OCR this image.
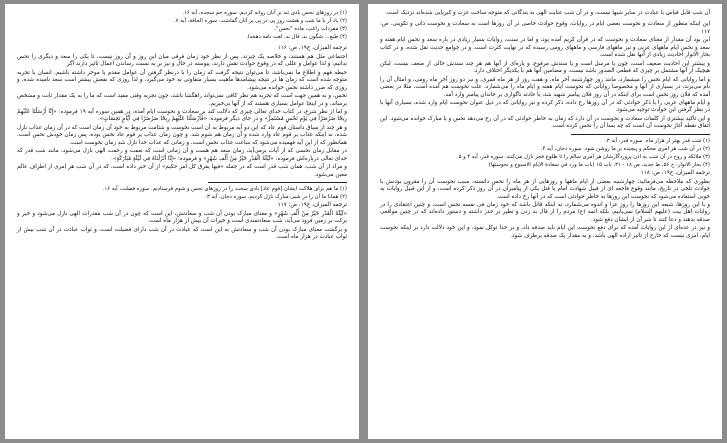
(۱) در روزهای نحس بادی تند بر آنان روانه کردیم. سوره حم سجده، آیه ۱۶.

(۲) یاد آر با ما شب و هشت روز پی در پی بر آنان گماشت. سوره الحاقة، آیه ۷.

(۳) مفردات راغب، ماده "نحس".

(۴) طبع... شگون بد، فال بد. لغت نامه دهخدا.

ترجمه المیزان، ج۱۹، ص: ۱۱۶

اجتماعی مثل هم هستند، و خلاصه یک چیزند، پس از نظر خود زمان فرقی میان این روز و آن روز نیست، تا یکی را سعد و دیگری را نحس بدانیم، و لذا عوامل و عللی که در وقوع حوادث نقش دارند، پیوسته در حال و نیز بر به نسبت رساندن اعمال تاثیر دارند اگر

حیطه فهم و اطلاع ما نمی‌باشد، تا می‌توان نتیجه گرفت که زمان را با درنظر گرفتن آن عوامل مقدم یا موخر داشته باشیم. انسان با تجربه متوجه شده است که زمان ها در نتیجه پیشامدها ماهیت بسیار متفاوتی به خود می‌گیرد، و لذا روزی که نفعش بیشتر است سعد نامیده شده، و روزی که ضرر داشته نحس خوانده می‌شود.

نحس، و به همین جهت است که تجربه هم نظر کافی نمی‌تواند راهگشا باشد، چون تجربه وقتی مفید است که ما را به یک مقدار ثابت و مشخص برساند، و در اینجا عوامل بسیاری هستند که از آنها بی‌خبریم.

و اما از نظر شرع، در کتاب خدای تعالی چیزی که دلالت کند بر سعادت و نحوست ایام آمده، در همین سوره آیه ۱۹ فرموده: «إِنَّا أَرْسَلْنَا عَلَيْهِمْ رِيحًا صَرْصَرًا فِي يَوْمِ نَحْسٍ مُسْتَمِرٍّ» و در جای دیگر فرموده: «فَأَرْسَلْنَا عَلَيْهِمْ رِيحًا صَرْصَرًا فِي أَيَّامٍ نَحِسَاتٍ».

و هر چند از سیاق داستان قوم عاد که این دو آیه مربوط به آن است نحوست و شئامت مربوط به خود آن زمان است که در آن زمان عذاب نازل شده، نه اینکه عذاب بر قوم عاد وارد شده و آن زمان هم شوم شد. و چون زمان عذاب بر قوم عاد نحس بوده، پس زمان خودش نحس است، همانطور که از این آیه فهمیده می‌شود که ساعت عذاب نحس است، و زمانی که عذاب خدا نازل شد زمان نحوست است.

در مقابل زمان نحسی که از آیات برمی‌آید، زمان سعد هم هست و آن زمانی است که نعمت و رحمت الهی نازل می‌شود، مانند شب قدر که خدای تعالی درباره‌اش فرموده: «لَيْلَةُ الْقَدْرِ خَيْرٌ مِنْ أَلْفِ شَهْرٍ» و فرموده: «إِنَّا أَنْزَلْنَاهُ فِي لَيْلَةٍ مُبَارَكَةٍ».

و مراد از آن شب، همان شب قدر است که در جمله «فيها يفرق كل امر حكيم» از آن خبر داده است، که در آن شب هر امری از اطراف عالم معین می‌شود.

(۱) ما هم برای هلاکت ایشان [قوم عاد] بادی سخت را در روزهای نحس و شوم فرستادیم. سوره فصلت، آیه ۱۶.

(۲) همانا ما آن را در شبی مبارک نازل کردیم. سوره دخان، آیه ۳.

ترجمه المیزان، ج۱۹، ص: ۱۱۷

«لَيْلَةُ الْقَدْرِ خَيْرٌ مِنْ أَلْفِ شَهْرٍ» و معنای مبارک بودن آن شب و سعادتش، این است که چون در آن شب مقدرات الهی نازل می‌شود و خیر و برکت بر زمین فرود می‌آید، شب سعادتمندی است و خیرات آن بیش از هزار ماه است.

و برگشت معنای مبارک بودن آن شب و سعادتش به این است که عبادت در آن شب دارای فضیلت است، و ثواب عبادت در آن شب بیش از ثواب عبادت در هزار ماه است.

آن شب قابل قیاس با عبادت در سایر شبها نیست، و در آن شب عنایت الهی به بندگانی که متوجه ساحت عزت و کبریایی شده‌اند نزدیک است.

این اینکه منظور از سعادت و نحوست بعضی ایام در روایات، وقوع حوادث خاصی در آن روزها است نه سعادت و نحوست ذاتی و تکوینی. ص: ۱۱۷

این بود آن مقدار از معنای سعادت و نحوست که در قرآن کریم آمده بود، و اما در سنت، روایات بسیار زیادی در باره سعد و نحس ایام هفته و سعد و نحس ایام ماههای عربی و نیز ماههای فارسی و ماههای رومی رسیده که در نهایت کثرت است، و در جوامع حدیث نقل شده، و در کتاب بحار الانوار احادیث زیادی از آنها نقل شده است.

و بیشتر این احادیث ضعیف است، چون یا مرسل است و یا سندش مرفوع، و پاره‌ای از آنها هم هر چند سندش خالی از ضعف نیست، لیکن هیچیک از آنها مشتمل بر چیزی که قطعی الصدور باشد نیست، و مضامین آنها هم با یکدیگر اختلاف دارد.

و اما روایاتی که ایام نحس را میشمارد، مانند روز چهارشنبه آخر ماه، و هفت روز از هر ماه قمری، و نیز دو روز آخر ماه رومی، و امثال آن را نام می‌برند، در بسیاری از آنها و مخصوصا روایاتی که نحوست ایام هفته و ایام ماه را می‌شمارد، علت نحوست هم آمده است، مثلا در بعضی آمده که فلان روز نحس است برای اینکه در آن روز فلان پیامبر شهید شد، یا حادثه ناگواری بر خاندان پیامبر وارد آمد.

و ایام ماههای عربی را با ذکر حوادثی که در آن روزها رخ داده، ذکر کرده و نیز روایاتی که در ذیل عنوان نحوست ایام وارد شده، بسیاری آنها با در نظر گرفتن این حوادث توجیه می‌شود.

و این تاکید بیشتری از کلمات سعادت و نحوست در آن دارد که زمان به خاطر حوادثی که در آن رخ می‌دهد نحس و یا مبارک خوانده می‌شود. این اتفاق نقطه آغاز نحوست آن است که چه بسا آن را نحس کرده است.

(۱) شب قدر بهتر از هزار ماه. سوره قدر، آیه ۳.

(۲) در آن شب هر امری محکم و پیچیده بر ما روشن شود. سوره دخان، آیه ۴.

(۳) ملائکه و روح در آن شب به اذن پروردگارشان هر امری سالم را تا طلوع فجر نازل می‌کنند. سوره قدر، آیه ۴ و ۵.

(۴) بحار الانوار، ج ۵۶، ط جدید، ص ۱۸ - ۳۱، باب ۱۵ (باب ما ورد في سعادة الايام الاسبوع و نحوستها)

ترجمه المیزان، ج۱۹، ص: ۱۱۸

بطوری که ملاحظه می‌فرمائید، چهارشنبه بعضی از ایام ماهها و روزهایی از هر ماه را نحس دانسته، سبب نحوست آن را مقرون بودنش با حوادث تلخی در تاریخ، مانند وقوع فاجعه ای از قبیل شهادت امام یا قتل یکی از پیامبران در آن روز ذکر کرده است، و از این قبیل روایات به خوبی استفاده می‌شود که نحوست این روزها به خاطر حوادثی است که در آنها رخ داده است.

و با این روزها، شیعه این روزها را روز عزا و اندوه می‌شمارد، نه اینکه قائل باشد که خود زمان فی نفسه نحس است، و چنین اعتقادی را در روایات اهل بیت (علیهم السلام) نمی‌یابیم، بلکه ائمه (ع) مردم را از فال بد زدن و تطیر بر حذر داشته و دستور داده‌اند که در چنین مواقعی صدقه بدهند و دعا کنند تا شر آن از ایشان دفع شود.

و نیز در عده‌ای از این روایات آمده که برای دفع نحوست این ایام باید صدقه داد، و بر خدا توکل نمود، و این خود دلالت دارد بر اینکه نحوست ایام، امری نیست که خارج از تاثیر اراده الهی باشد، و به مقدار یک صدقه برطرف شود.
